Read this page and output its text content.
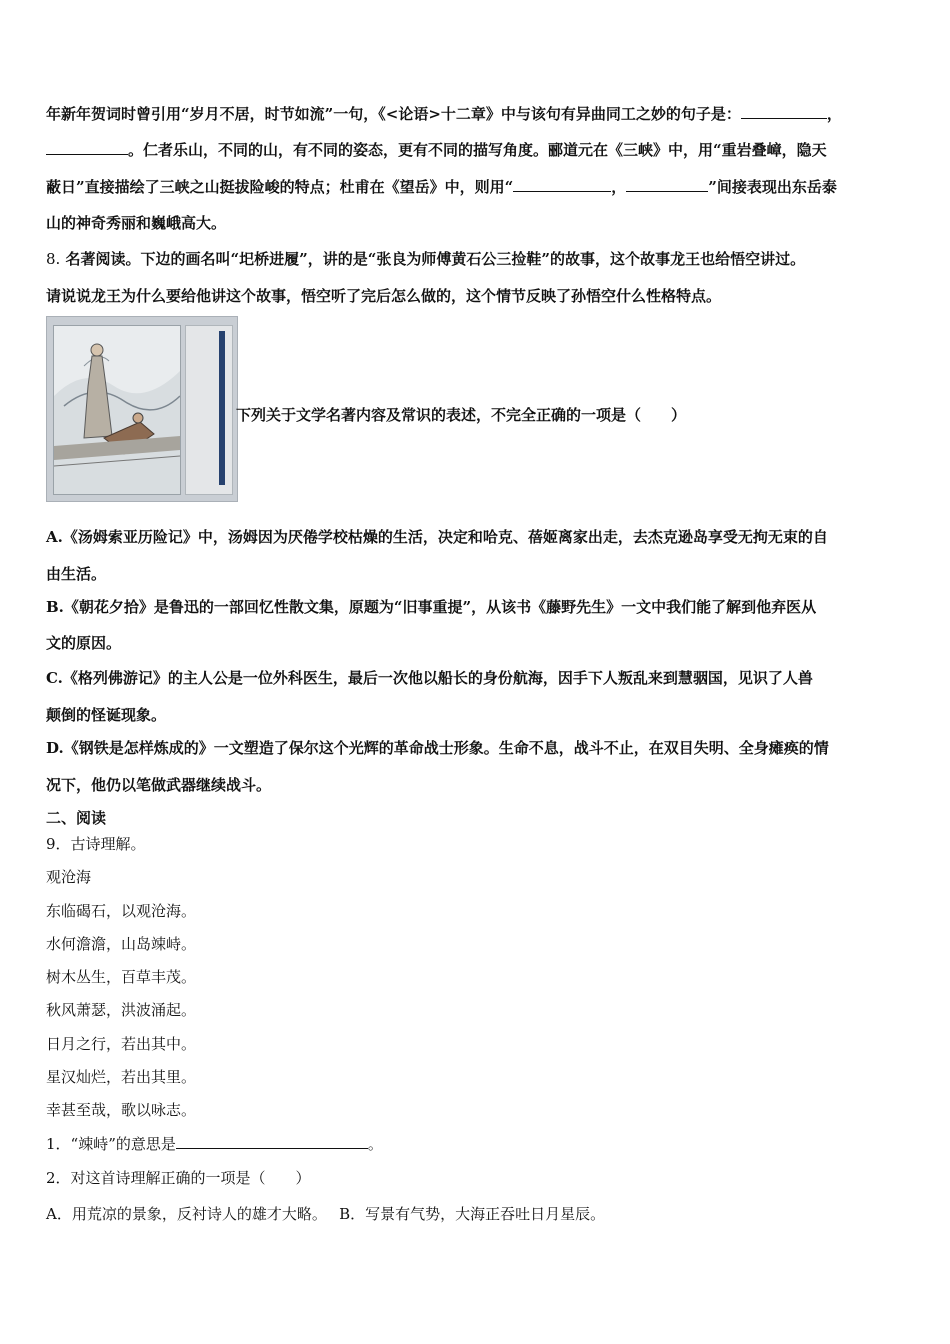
年新年贺词时曾引用“岁月不居，时节如流”一句，《<论语>十二章》中与该句有异曲同工之妙的句子是：	，
。仁者乐山，不同的山，有不同的姿态，更有不同的描写角度。郦道元在《三峡》中，用“重岩叠嶂，隐天
蔽日”直接描绘了三峡之山挺拔险峻的特点；杜甫在《望岳》中，则用“	，	”间接表现出东岳泰
山的神奇秀丽和巍峨高大。
8. 名著阅读。下边的画名叫“圯桥进履”，讲的是“张良为师傅黄石公三捡鞋”的故事，这个故事龙王也给悟空讲过。
请说说龙王为什么要给他讲这个故事，悟空听了完后怎么做的，这个情节反映了孙悟空什么性格特点。
下列关于文学名著内容及常识的表述，不完全正确的一项是（　　）
A.《汤姆索亚历险记》中，汤姆因为厌倦学校枯燥的生活，决定和哈克、蓓姬离家出走，去杰克逊岛享受无拘无束的自
由生活。
B.《朝花夕拾》是鲁迅的一部回忆性散文集，原题为“旧事重提”，从该书《藤野先生》一文中我们能了解到他弃医从
文的原因。
C.《格列佛游记》的主人公是一位外科医生，最后一次他以船长的身份航海，因手下人叛乱来到慧骃国，见识了人兽
颠倒的怪诞现象。
D.《钢铁是怎样炼成的》一文塑造了保尔这个光辉的革命战士形象。生命不息，战斗不止，在双目失明、全身瘫痪的情
况下，他仍以笔做武器继续战斗。
二、阅读
9．古诗理解。
观沧海
东临碣石，以观沧海。
水何澹澹，山岛竦峙。
树木丛生，百草丰茂。
秋风萧瑟，洪波涌起。
日月之行，若出其中。
星汉灿烂，若出其里。
幸甚至哉，歌以咏志。
1．“竦峙”的意思是	。
2．对这首诗理解正确的一项是（　　）
A．用荒凉的景象，反衬诗人的雄才大略。　 B．写景有气势，大海正吞吐日月星辰。
